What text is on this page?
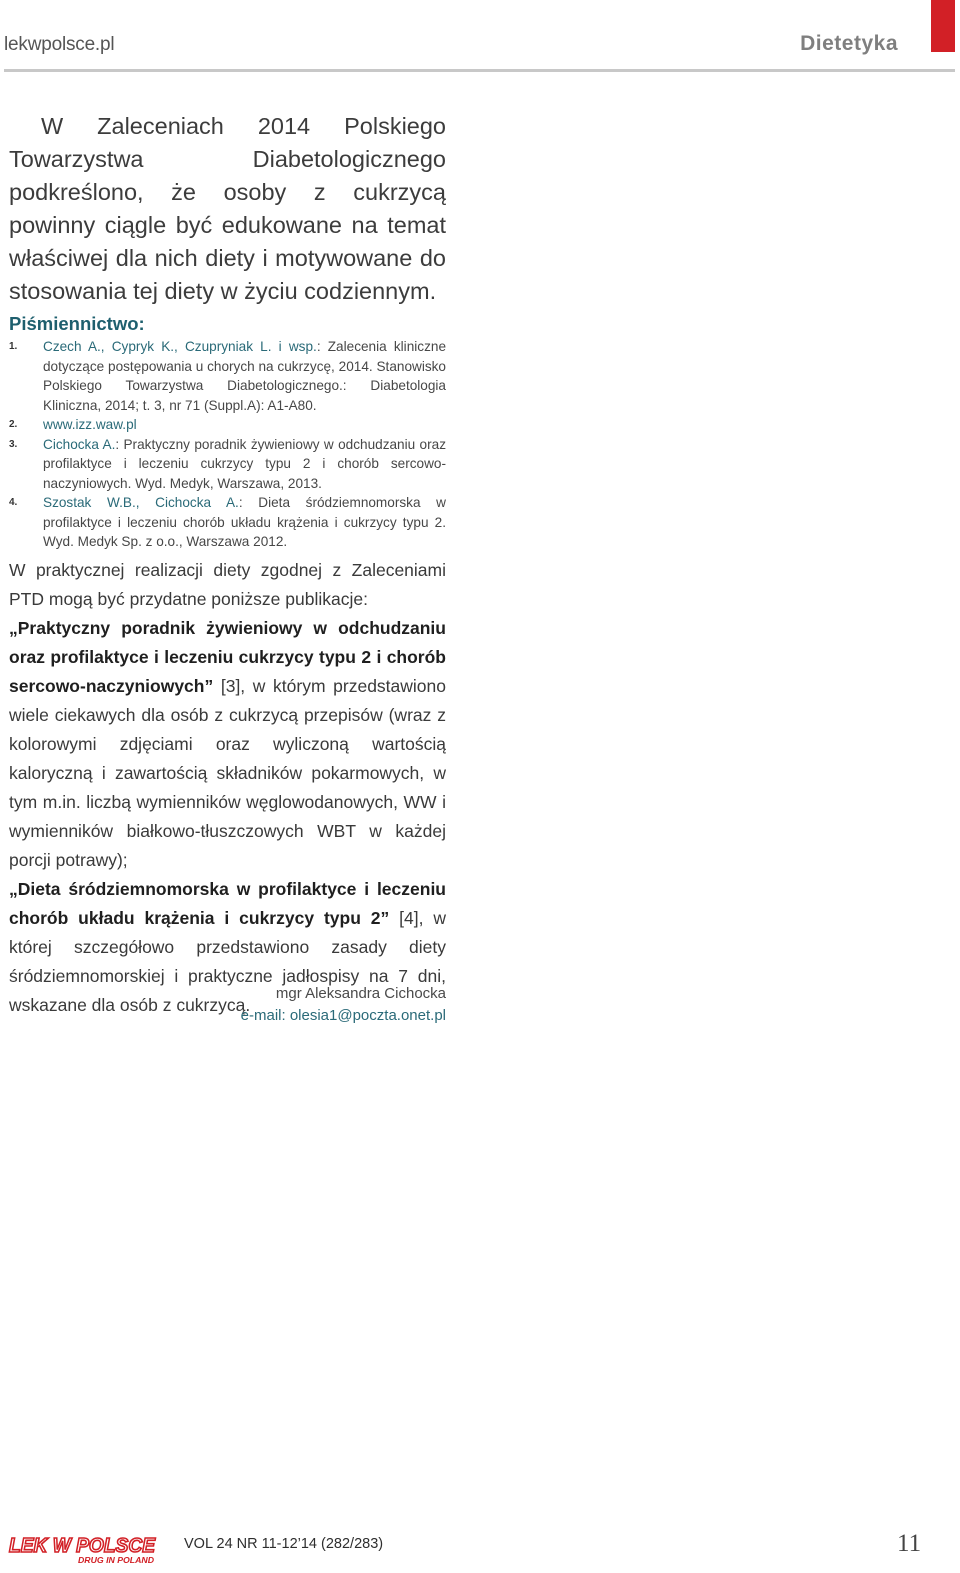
lekwpolsce.pl	Dietetyka

W Zaleceniach 2014 Polskiego Towarzystwa Diabetologicznego podkreślono, że osoby z cukrzycą powinny ciągle być edukowane na temat właściwej dla nich diety i motywowane do stosowania tej diety w życiu codziennym.

Piśmiennictwo:
1. Czech A., Cypryk K., Czupryniak L. i wsp.: Zalecenia kliniczne dotyczące postępowania u chorych na cukrzycę, 2014. Stanowisko Polskiego Towarzystwa Diabetologicznego.: Diabetologia Kliniczna, 2014; t. 3, nr 71 (Suppl.A): A1-A80.
2. www.izz.waw.pl
3. Cichocka A.: Praktyczny poradnik żywieniowy w odchudzaniu oraz profilaktyce i leczeniu cukrzycy typu 2 i chorób sercowo-naczyniowych. Wyd. Medyk, Warszawa, 2013.
4. Szostak W.B., Cichocka A.: Dieta śródziemnomorska w profilaktyce i leczeniu chorób układu krążenia i cukrzycy typu 2. Wyd. Medyk Sp. z o.o., Warszawa 2012.

W praktycznej realizacji diety zgodnej z Zaleceniami PTD mogą być przydatne poniższe publikacje:

„Praktyczny poradnik żywieniowy w odchudzaniu oraz profilaktyce i leczeniu cukrzycy typu 2 i chorób sercowo-naczyniowych” [3], w którym przedstawiono wiele ciekawych dla osób z cukrzycą przepisów (wraz z kolorowymi zdjęciami oraz wyliczoną wartością kaloryczną i zawartością składników pokarmowych, w tym m.in. liczbą wymienników węglowodanowych, WW i wymienników białkowo-tłuszczowych WBT w każdej porcji potrawy);

„Dieta śródziemnomorska w profilaktyce i leczeniu chorób układu krążenia i cukrzycy typu 2” [4], w której szczegółowo przedstawiono zasady diety śródziemnomorskiej i praktyczne jadłospisy na 7 dni, wskazane dla osób z cukrzycą.

mgr Aleksandra Cichocka
e-mail: olesia1@poczta.onet.pl
LEK W POLSCE
DRUG IN POLAND
VOL 24 NR 11-12’14 (282/283)	11
